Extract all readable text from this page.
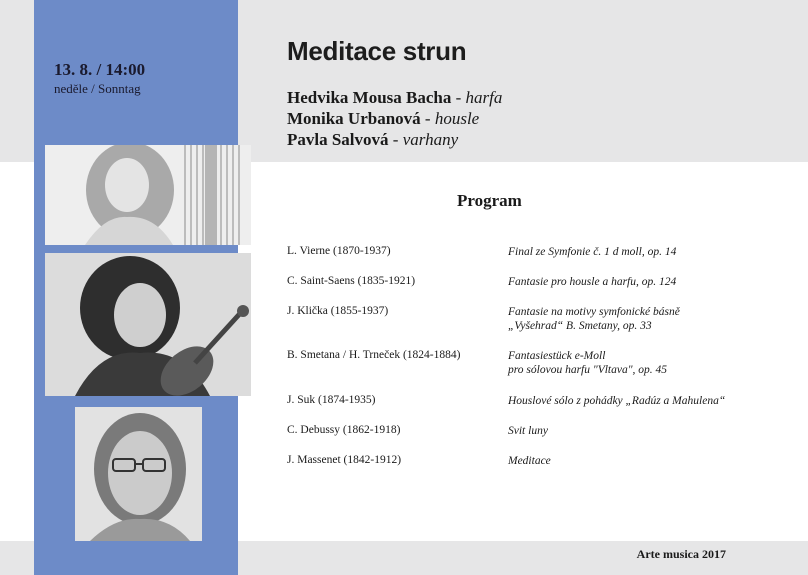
13. 8. / 14:00
neděle / Sonntag
Meditace strun
Hedvika Mousa Bacha - harfa
Monika Urbanová - housle
Pavla Salvová - varhany
Program
L. Vierne (1870-1937)	Final ze Symfonie č. 1 d moll, op. 14
C. Saint-Saens (1835-1921)	Fantasie pro housle a harfu, op. 124
J. Klička (1855-1937)	Fantasie na motivy symfonické básně
„Vyšehrad“ B. Smetany, op. 33
B. Smetana / H. Trneček (1824-1884)	Fantasiestück e-Moll
pro sólovou harfu "Vltava", op. 45
J. Suk (1874-1935)	Houslové sólo z pohádky „Radúz a Mahulena“
C. Debussy (1862-1918)	Svit luny
J. Massenet (1842-1912)	Meditace
Arte musica 2017
